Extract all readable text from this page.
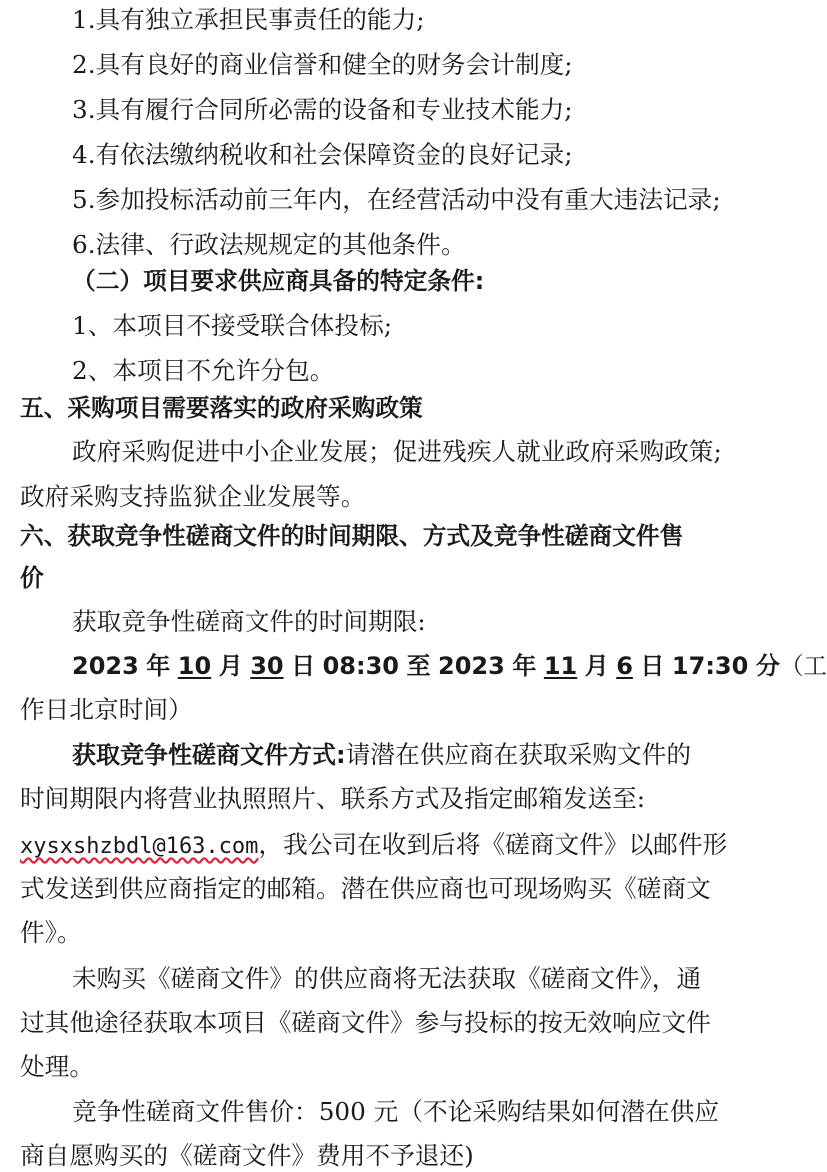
1.具有独立承担民事责任的能力;
2.具有良好的商业信誉和健全的财务会计制度;
3.具有履行合同所必需的设备和专业技术能力;
4.有依法缴纳税收和社会保障资金的良好记录;
5.参加投标活动前三年内，在经营活动中没有重大违法记录;
6.法律、行政法规规定的其他条件。
（二）项目要求供应商具备的特定条件:
1、本项目不接受联合体投标;
2、本项目不允许分包。
五、采购项目需要落实的政府采购政策
政府采购促进中小企业发展；促进残疾人就业政府采购政策;
政府采购支持监狱企业发展等。
六、获取竞争性磋商文件的时间期限、方式及竞争性磋商文件售
价
获取竞争性磋商文件的时间期限:
2023 年 10 月 30 日 08:30 至 2023 年 11 月 6 日 17:30 分（工
作日北京时间）
获取竞争性磋商文件方式:请潜在供应商在获取采购文件的
时间期限内将营业执照照片、联系方式及指定邮箱发送至:
xysxshzbdl@163.com，我公司在收到后将《磋商文件》以邮件形
式发送到供应商指定的邮箱。潜在供应商也可现场购买《磋商文
件》。
未购买《磋商文件》的供应商将无法获取《磋商文件》，通
过其他途径获取本项目《磋商文件》参与投标的按无效响应文件
处理。
竞争性磋商文件售价：500 元（不论采购结果如何潜在供应
商自愿购买的《磋商文件》费用不予退还)
